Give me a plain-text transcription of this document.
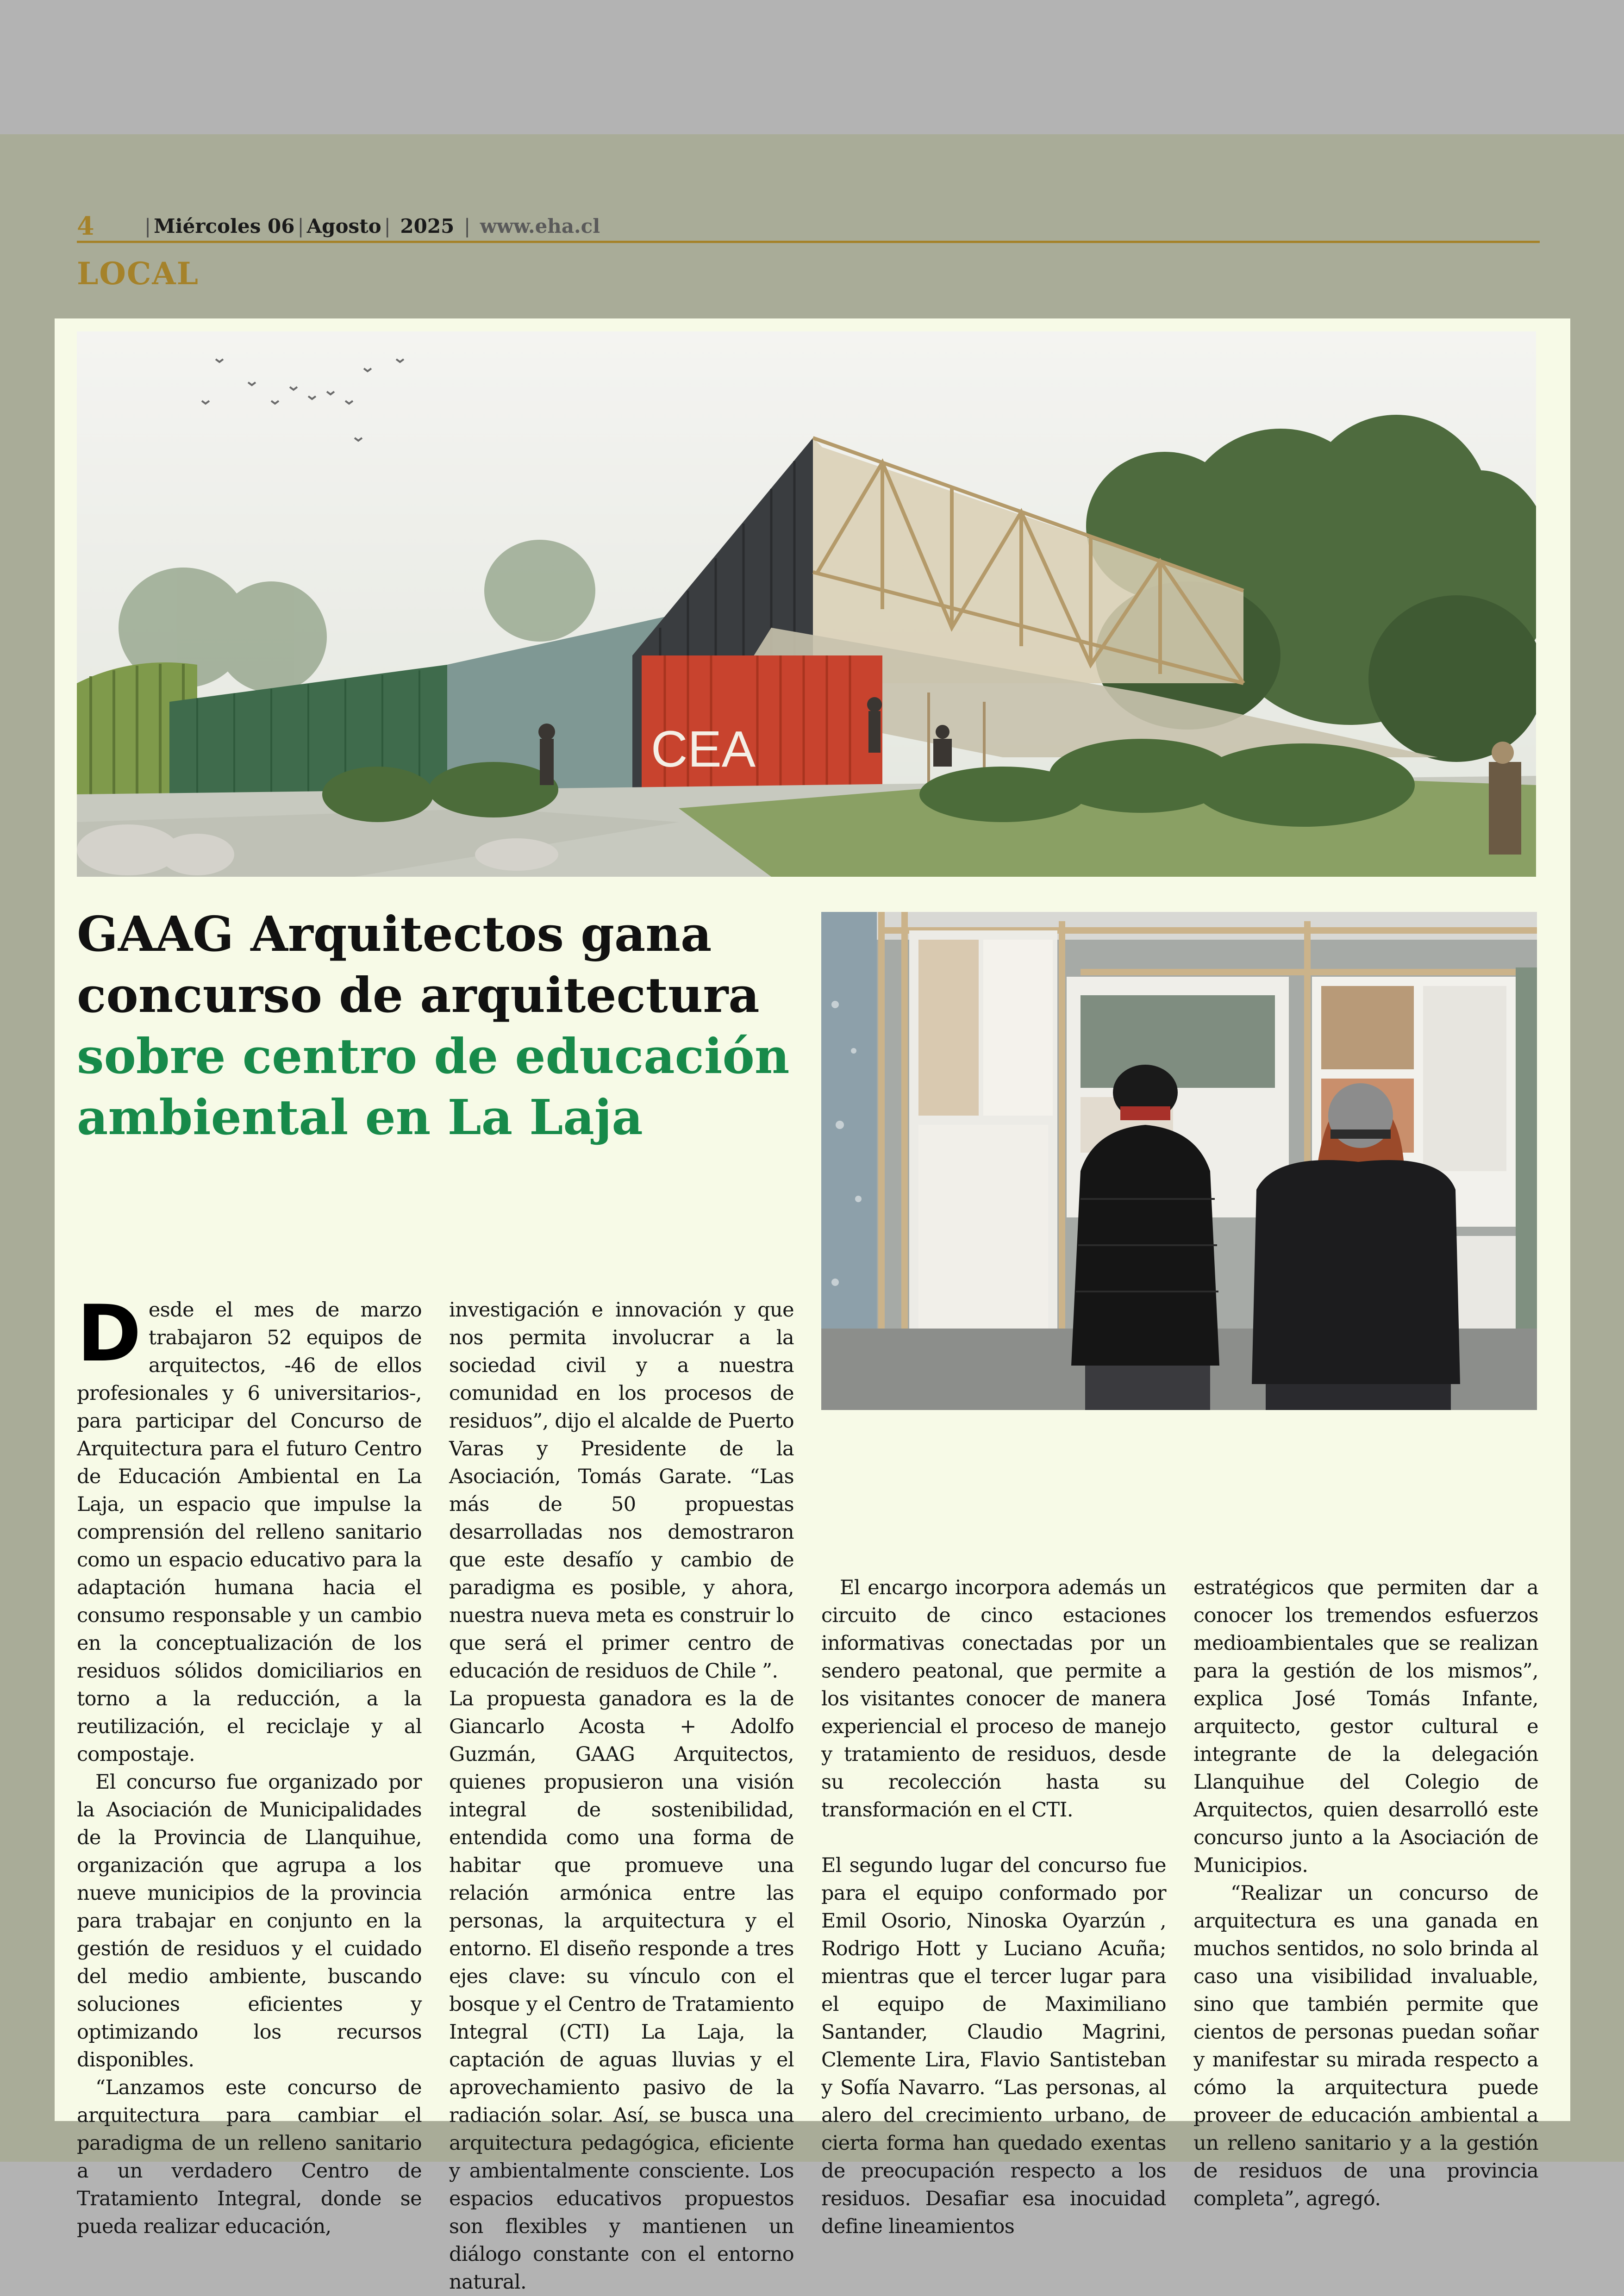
4	| Miércoles 06 | Agosto | 2025 | www.eha.cl
LOCAL
CEA
GAAG Arquitectos gana
concurso de arquitectura
sobre centro de educación
ambiental en La Laja

Desde el mes de marzo trabajaron 52 equipos de arquitectos, -46 de ellos profesionales y 6 universitarios-, para participar del Concurso de Arquitectura para el futuro Centro de Educación Ambiental en La Laja, un espacio que impulse la comprensión del relleno sanitario como un espacio educativo para la adaptación humana hacia el consumo responsable y un cambio en la conceptualización de los residuos sólidos domiciliarios en torno a la reducción, a la reutilización, el reciclaje y al compostaje.

El concurso fue organizado por la Asociación de Municipalidades de la Provincia de Llanquihue, organización que agrupa a los nueve municipios de la provincia para trabajar en conjunto en la gestión de residuos y el cuidado del medio ambiente, buscando soluciones eficientes y optimizando los recursos disponibles.

“Lanzamos este concurso de arquitectura para cambiar el paradigma de un relleno sanitario a un verdadero Centro de Tratamiento Integral, donde se pueda realizar educación,

investigación e innovación y que nos permita involucrar a la sociedad civil y a nuestra comunidad en los procesos de residuos”, dijo el alcalde de Puerto Varas y Presidente de la Asociación, Tomás Garate. “Las más de 50 propuestas desarrolladas nos demostraron que este desafío y cambio de paradigma es posible, y ahora, nuestra nueva meta es construir lo que será el primer centro de educación de residuos de Chile ”.

La propuesta ganadora es la de Giancarlo Acosta + Adolfo Guzmán, GAAG Arquitectos, quienes propusieron una visión integral de sostenibilidad, entendida como una forma de habitar que promueve una relación armónica entre las personas, la arquitectura y el entorno. El diseño responde a tres ejes clave: su vínculo con el bosque y el Centro de Tratamiento Integral (CTI) La Laja, la captación de aguas lluvias y el aprovechamiento pasivo de la radiación solar. Así, se busca una arquitectura pedagógica, eficiente y ambientalmente consciente. Los espacios educativos propuestos son flexibles y mantienen un diálogo constante con el entorno natural.

El encargo incorpora además un circuito de cinco estaciones informativas conectadas por un sendero peatonal, que permite a los visitantes conocer de manera experiencial el proceso de manejo y tratamiento de residuos, desde su recolección hasta su transformación en el CTI.

El segundo lugar del concurso fue para el equipo conformado por Emil Osorio, Ninoska Oyarzún , Rodrigo Hott y Luciano Acuña; mientras que el tercer lugar para el equipo de Maximiliano Santander, Claudio Magrini, Clemente Lira, Flavio Santisteban y Sofía Navarro. “Las personas, al alero del crecimiento urbano, de cierta forma han quedado exentas de preocupación respecto a los residuos. Desafiar esa inocuidad define lineamientos

estratégicos que permiten dar a conocer los tremendos esfuerzos medioambientales que se realizan para la gestión de los mismos”, explica José Tomás Infante, arquitecto, gestor cultural e integrante de la delegación Llanquihue del Colegio de Arquitectos, quien desarrolló este concurso junto a la Asociación de Municipios.

“Realizar un concurso de arquitectura es una ganada en muchos sentidos, no solo brinda al caso una visibilidad invaluable, sino que también permite que cientos de personas puedan soñar y manifestar su mirada respecto a cómo la arquitectura puede proveer de educación ambiental a un relleno sanitario y a la gestión de residuos de una provincia completa”, agregó.
